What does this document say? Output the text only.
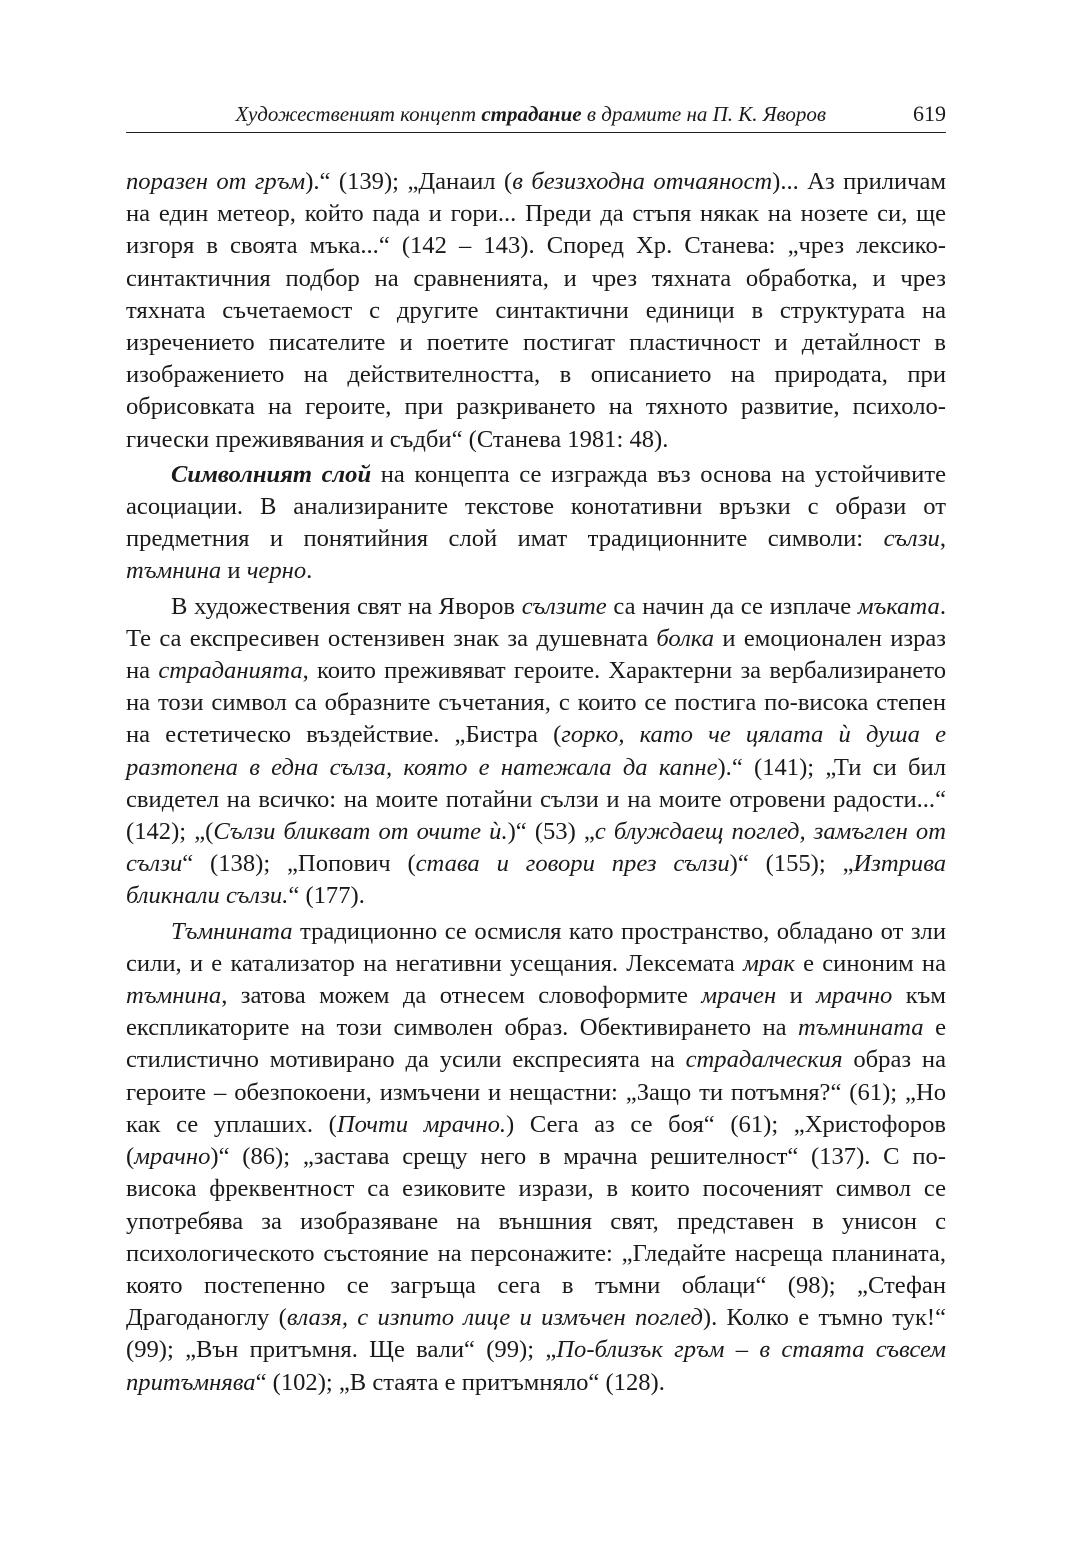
Художественият концепт страдание в драмите на П. К. Яворов	619

поразен от гръм).“ (139); „Данаил (в безизходна отчаяност)... Аз приличам на един метеор, който пада и гори... Преди да стъпя някак на нозете си, ще изгоря в своята мъка...“ (142 – 143). Според Хр. Станева: „чрез лексикосинтактичния подбор на сравненията, и чрез тяхната обработка, и чрез тяхната съчетаемост с другите синтактични единици в структурата на изречението писателите и поетите постигат пластичност и детайлност в изображението на действителността, в описанието на природата, при обрисовката на героите, при разкриването на тяхното развитие, психологически преживявания и съдби“ (Станева 1981: 48).

Символният слой на концепта се изгражда въз основа на устойчивите асоциации. В анализираните текстове конотативни връзки с образи от предметния и понятийния слой имат традиционните символи: сълзи, тъмнина и черно.

В художествения свят на Яворов сълзите са начин да се изплаче мъката. Те са експресивен остензивен знак за душевната болка и емоционален израз на страданията, които преживяват героите. Характерни за вербализирането на този символ са образните съчетания, с които се постига по-висока степен на естетическо въздействие. „Бистра (горко, като че цялата ѝ душа е разтопена в една сълза, която е натежала да капне).“ (141); „Ти си бил свидетел на всичко: на моите потайни сълзи и на моите отровени радости...“ (142); „(Сълзи бликват от очите ѝ.)“ (53) „с блуждаещ поглед, замъглен от сълзи“ (138); „Попович (става и говори през сълзи)“ (155); „Изтрива бликнали сълзи.“ (177).

Тъмнината традиционно се осмисля като пространство, обладано от зли сили, и е катализатор на негативни усещания. Лексемата мрак е синоним на тъмнина, затова можем да отнесем словоформите мрачен и мрачно към експликаторите на този символен образ. Обективирането на тъмнината е стилистично мотивирано да усили експресията на страдалческия образ на героите – обезпокоени, измъчени и нещастни: „Защо ти потъмня?“ (61); „Но как се уплаших. (Почти мрачно.) Сега аз се боя“ (61); „Христофоров (мрачно)“ (86); „застава срещу него в мрачна решителност“ (137). С по-висока фреквентност са езиковите изрази, в които посоченият символ се употребява за изобразяване на външния свят, представен в унисон с психологическото състояние на персонажите: „Гледайте насреща планината, която постепенно се загръща сега в тъмни облаци“ (98); „Стефан Драгоданоглу (влазя, с изпито лице и измъчен поглед). Колко е тъмно тук!“ (99); „Вън притъмня. Ще вали“ (99); „По-близък гръм – в стаята съвсем притъмнява“ (102); „В стаята е притъмняло“ (128).
